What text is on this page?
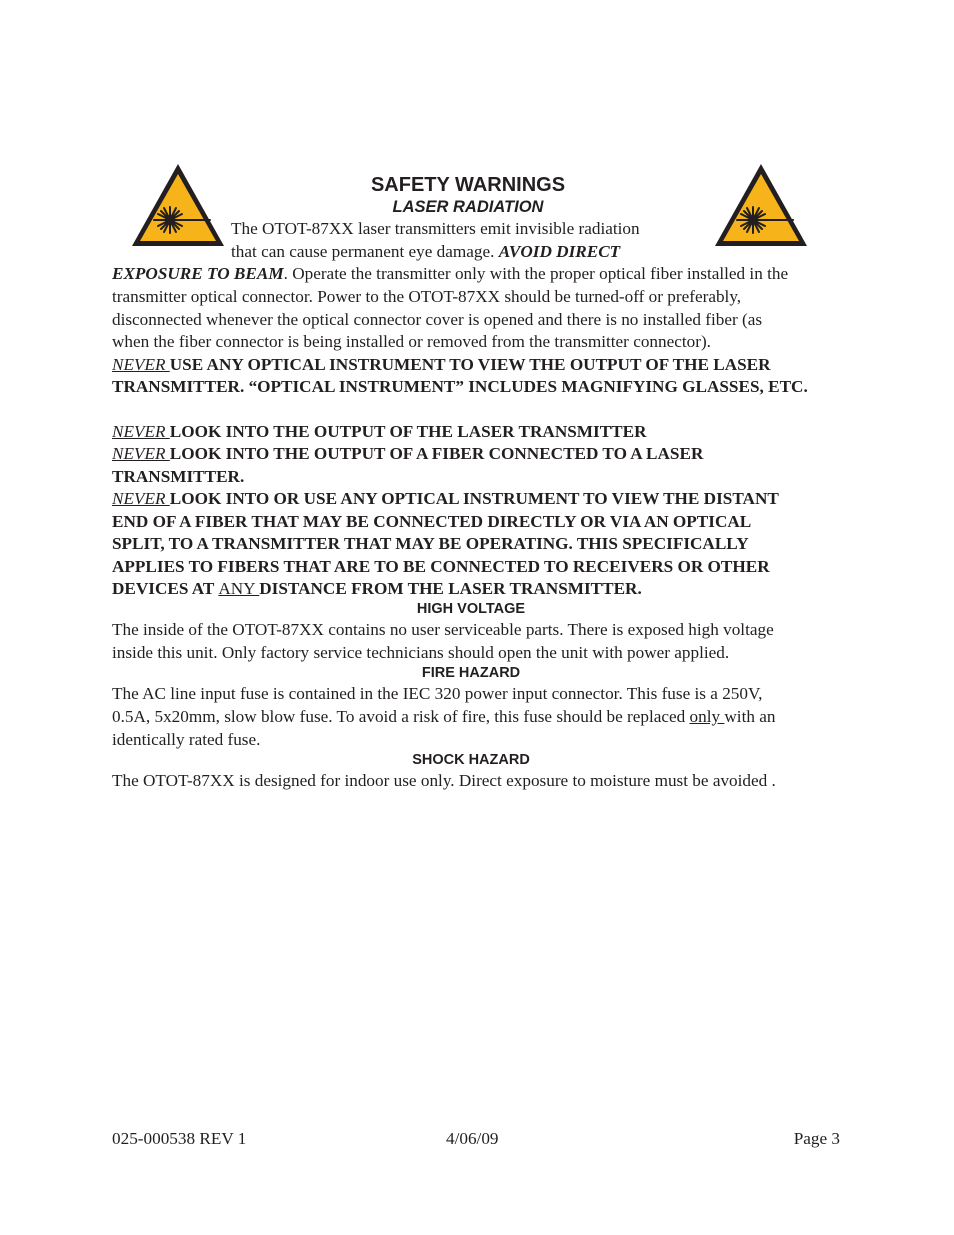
SAFETY WARNINGS
LASER RADIATION
The OTOT-87XX laser transmitters emit invisible radiation
that can cause permanent eye damage. AVOID DIRECT
EXPOSURE TO BEAM. Operate the transmitter only with the proper optical fiber installed in the
transmitter optical connector. Power to the OTOT-87XX should be turned-off or preferably,
disconnected whenever the optical connector cover is opened and there is no installed fiber (as
when the fiber connector is being installed or removed from the transmitter connector).
NEVER USE ANY OPTICAL INSTRUMENT TO VIEW THE OUTPUT OF THE LASER
TRANSMITTER. “OPTICAL INSTRUMENT” INCLUDES MAGNIFYING GLASSES, ETC.
NEVER LOOK INTO THE OUTPUT OF THE LASER TRANSMITTER
NEVER LOOK INTO THE OUTPUT OF A FIBER CONNECTED TO A LASER
TRANSMITTER.
NEVER LOOK INTO OR USE ANY OPTICAL INSTRUMENT TO VIEW THE DISTANT
END OF A FIBER THAT MAY BE CONNECTED DIRECTLY OR VIA AN OPTICAL
SPLIT, TO A TRANSMITTER THAT MAY BE OPERATING. THIS SPECIFICALLY
APPLIES TO FIBERS THAT ARE TO BE CONNECTED TO RECEIVERS OR OTHER
DEVICES AT ANY DISTANCE FROM THE LASER TRANSMITTER.
HIGH VOLTAGE
The inside of the OTOT-87XX contains no user serviceable parts. There is exposed high voltage
inside this unit. Only factory service technicians should open the unit with power applied.
FIRE HAZARD
The AC line input fuse is contained in the IEC 320 power input connector. This fuse is a 250V,
0.5A, 5x20mm, slow blow fuse. To avoid a risk of fire, this fuse should be replaced only with an
identically rated fuse.
SHOCK HAZARD
The OTOT-87XX is designed for indoor use only. Direct exposure to moisture must be avoided .
025-000538 REV 1	4/06/09	Page 3
